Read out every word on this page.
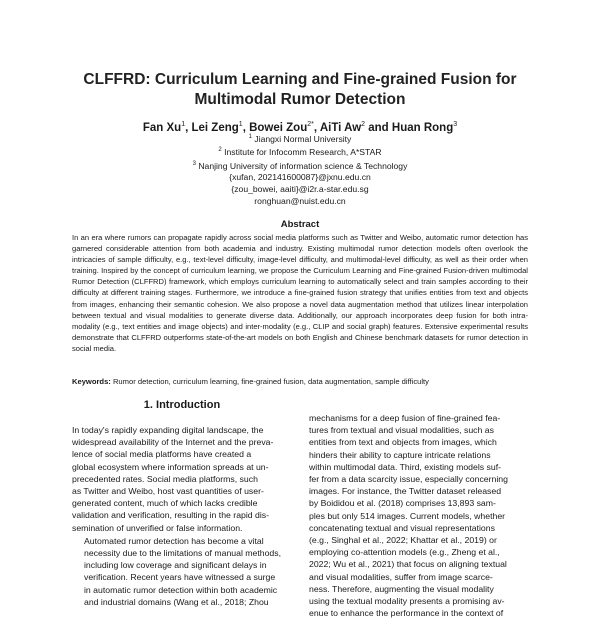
CLFFRD: Curriculum Learning and Fine-grained Fusion for
Multimodal Rumor Detection
Fan Xu$^1$, Lei Zeng$^1$, Bowei Zou$^{2*}$, AiTi Aw$^2$ and Huan Rong$^3$
$^1$ Jiangxi Normal University
$^2$ Institute for Infocomm Research, A*STAR
$^3$ Nanjing University of information science & Technology
{xufan, 202141600087}@jxnu.edu.cn
{zou_bowei, aaiti}@i2r.a-star.edu.sg
ronghuan@nuist.edu.cn
Abstract
In an era where rumors can propagate rapidly across social media platforms such as Twitter and Weibo, automatic rumor detection has garnered considerable attention from both academia and industry. Existing multimodal rumor detection models often overlook the intricacies of sample difficulty, e.g., text-level difficulty, image-level difficulty, and multimodal-level difficulty, as well as their order when training. Inspired by the concept of curriculum learning, we propose the Curriculum Learning and Fine-grained Fusion-driven multimodal Rumor Detection (CLFFRD) framework, which employs curriculum learning to automatically select and train samples according to their difficulty at different training stages. Furthermore, we introduce a fine-grained fusion strategy that unifies entities from text and objects from images, enhancing their semantic cohesion. We also propose a novel data augmentation method that utilizes linear interpolation between textual and visual modalities to generate diverse data. Additionally, our approach incorporates deep fusion for both intra-modality (e.g., text entities and image objects) and inter-modality (e.g., CLIP and social graph) features. Extensive experimental results demonstrate that CLFFRD outperforms state-of-the-art models on both English and Chinese benchmark datasets for rumor detection in social media.
Keywords: Rumor detection, curriculum learning, fine-grained fusion, data augmentation, sample difficulty
1. Introduction

In today's rapidly expanding digital landscape, the
widespread availability of the Internet and the preva-
lence of social media platforms have created a
global ecosystem where information spreads at un-
precedented rates. Social media platforms, such
as Twitter and Weibo, host vast quantities of user-
generated content, much of which lacks credible
validation and verification, resulting in the rapid dis-
semination of unverified or false information.

Automated rumor detection has become a vital
necessity due to the limitations of manual methods,
including low coverage and significant delays in
verification. Recent years have witnessed a surge
in automatic rumor detection within both academic
and industrial domains (Wang et al., 2018; Zhou

mechanisms for a deep fusion of fine-grained fea-
tures from textual and visual modalities, such as
entities from text and objects from images, which
hinders their ability to capture intricate relations
within multimodal data. Third, existing models suf-
fer from a data scarcity issue, especially concerning
images. For instance, the Twitter dataset released
by Boididou et al. (2018) comprises 13,893 sam-
ples but only 514 images. Current models, whether
concatenating textual and visual representations
(e.g., Singhal et al., 2022; Khattar et al., 2019) or
employing co-attention models (e.g., Zheng et al.,
2022; Wu et al., 2021) that focus on aligning textual
and visual modalities, suffer from image scarce-
ness. Therefore, augmenting the visual modality
using the textual modality presents a promising av-
enue to enhance the performance in the context of
